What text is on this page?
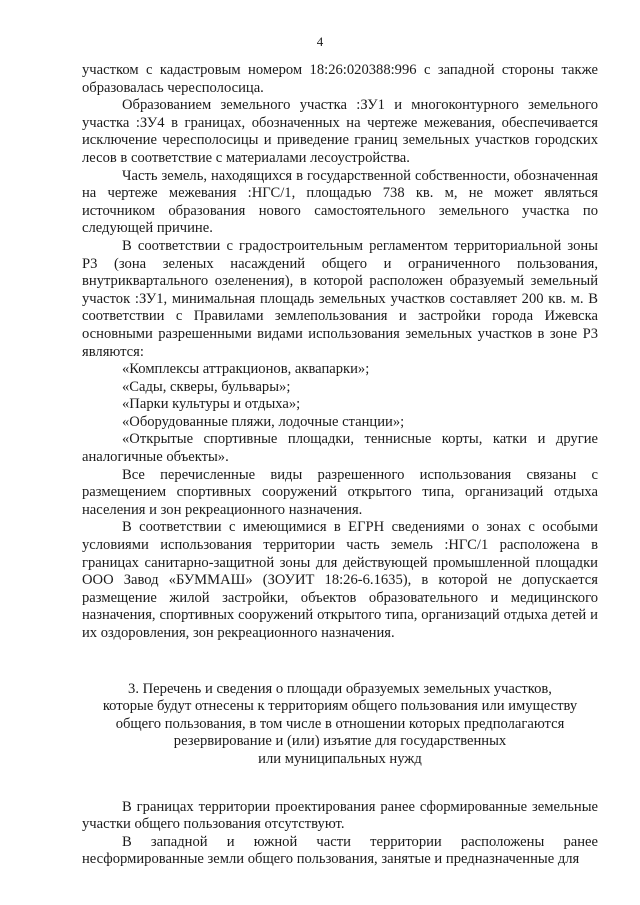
4

участком с кадастровым номером 18:26:020388:996 с западной стороны также образовалась чересполосица.

Образованием земельного участка :ЗУ1 и многоконтурного земельного участка :ЗУ4 в границах, обозначенных на чертеже межевания, обеспечивается исключение чересполосицы и приведение границ земельных участков городских лесов в соответствие с материалами лесоустройства.

Часть земель, находящихся в государственной собственности, обозначенная на чертеже межевания :НГС/1, площадью 738 кв. м, не может являться источником образования нового самостоятельного земельного участка по следующей причине.

В соответствии с градостроительным регламентом территориальной зоны Р3 (зона зеленых насаждений общего и ограниченного пользования, внутриквартального озеленения), в которой расположен образуемый земельный участок :ЗУ1, минимальная площадь земельных участков составляет 200 кв. м. В соответствии с Правилами землепользования и застройки города Ижевска основными разрешенными видами использования земельных участков в зоне Р3 являются:

«Комплексы аттракционов, аквапарки»;

«Сады, скверы, бульвары»;

«Парки культуры и отдыха»;

«Оборудованные пляжи, лодочные станции»;

«Открытые спортивные площадки, теннисные корты, катки и другие аналогичные объекты».

Все перечисленные виды разрешенного использования связаны с размещением спортивных сооружений открытого типа, организаций отдыха населения и зон рекреационного назначения.

В соответствии с имеющимися в ЕГРН сведениями о зонах с особыми условиями использования территории часть земель :НГС/1 расположена в границах санитарно-защитной зоны для действующей промышленной площадки ООО Завод «БУММАШ» (ЗОУИТ 18:26-6.1635), в которой не допускается размещение жилой застройки, объектов образовательного и медицинского назначения, спортивных сооружений открытого типа, организаций отдыха детей и их оздоровления, зон рекреационного назначения.

3. Перечень и сведения о площади образуемых земельных участков,
которые будут отнесены к территориям общего пользования или имуществу
общего пользования, в том числе в отношении которых предполагаются
резервирование и (или) изъятие для государственных
или муниципальных нужд

В границах территории проектирования ранее сформированные земельные участки общего пользования отсутствуют.

В западной и южной части территории расположены ранее несформированные земли общего пользования, занятые и предназначенные для
